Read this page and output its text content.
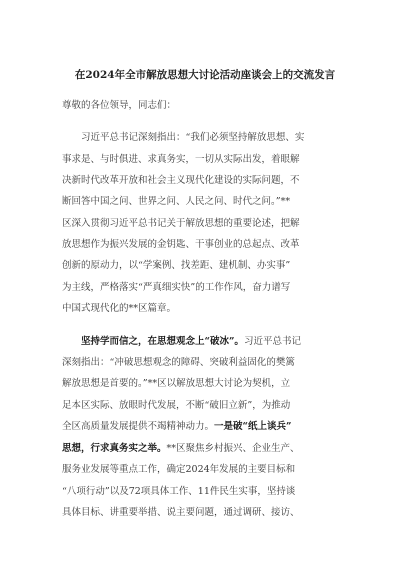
在2024年全市解放思想大讨论活动座谈会上的交流发言
尊敬的各位领导，同志们：
习近平总书记深刻指出：“我们必须坚持解放思想、实
事求是、与时俱进、求真务实，一切从实际出发，着眼解
决新时代改革开放和社会主义现代化建设的实际问题，不
断回答中国之问、世界之问、人民之问、时代之问。”**
区深入贯彻习近平总书记关于解放思想的重要论述，把解
放思想作为振兴发展的金钥匙、干事创业的总起点、改革
创新的原动力，以“学案例、找差距、建机制、办实事”
为主线，严格落实“严真细实快”的工作作风，奋力谱写
中国式现代化的**区篇章。
坚持学而信之，在思想观念上“破冰”。习近平总书记
深刻指出：“冲破思想观念的障碍、突破利益固化的樊篱
解放思想是首要的。”**区以解放思想大讨论为契机，立
足本区实际、放眼时代发展，不断“破旧立新”，为推动
全区高质量发展提供不竭精神动力。一是破“纸上谈兵”
思想，行求真务实之举。**区聚焦乡村振兴、企业生产、
服务业发展等重点工作，确定2024年发展的主要目标和
“八项行动”以及72项具体工作、11件民生实事，坚持谈
具体目标、讲重要举措、说主要问题，通过调研、接访、
